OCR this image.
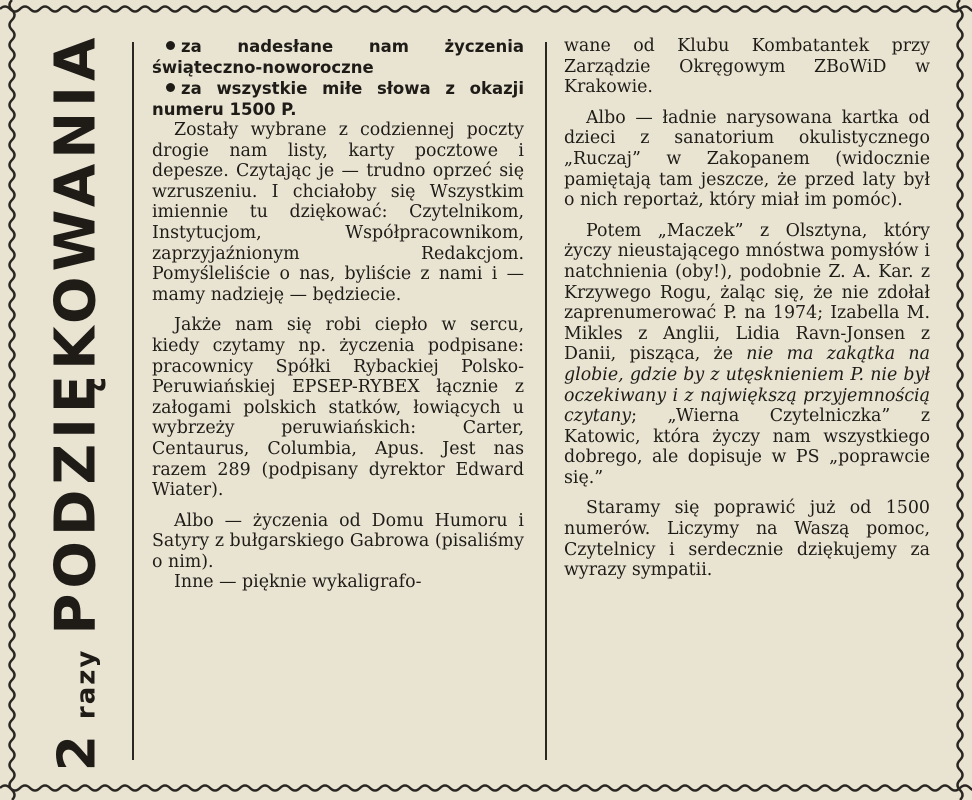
2
razy
PODZIĘKOWANIA	za nadesłane nam życzenia świąteczno-noworoczne

za wszystkie miłe słowa z okazji numeru 1500 P.

Zostały wybrane z codziennej poczty drogie nam listy, karty pocztowe i depesze. Czytając je — trudno oprzeć się wzruszeniu. I chciałoby się Wszystkim imiennie tu dziękować: Czytelnikom, Instytucjom, Współpracownikom, zaprzyjaźnionym Redakcjom. Pomyśleliście o nas, byliście z nami i — mamy nadzieję — będziecie.

Jakże nam się robi ciepło w sercu, kiedy czytamy np. życzenia podpisane: pracownicy Spółki Rybackiej Polsko-Peruwiańskiej EPSEP-RYBEX łącznie z załogami polskich statków, łowiących u wybrzeży peruwiańskich: Carter, Centaurus, Columbia, Apus. Jest nas razem 289 (podpisany dyrektor Edward Wiater).

Albo — życzenia od Domu Humoru i Satyry z bułgarskiego Gabrowa (pisaliśmy o nim).

Inne — pięknie wykaligrafo-

wane od Klubu Kombatantek przy Zarządzie Okręgowym ZBoWiD w Krakowie.

Albo — ładnie narysowana kartka od dzieci z sanatorium okulistycznego „Ruczaj” w Zakopanem (widocznie pamiętają tam jeszcze, że przed laty był o nich reportaż, który miał im pomóc).

Potem „Maczek” z Olsztyna, który życzy nieustającego mnóstwa pomysłów i natchnienia (oby!), podobnie Z. A. Kar. z Krzywego Rogu, żaląc się, że nie zdołał zaprenumerować P. na 1974; Izabella M. Mikles z Anglii, Lidia Ravn-Jonsen z Danii, pisząca, że nie ma zakątka na globie, gdzie by z utęsknieniem P. nie był oczekiwany i z największą przyjemnością czytany; „Wierna Czytelniczka” z Katowic, która życzy nam wszystkiego dobrego, ale dopisuje w PS „poprawcie się.”

Staramy się poprawić już od 1500 numerów. Liczymy na Waszą pomoc, Czytelnicy i serdecznie dziękujemy za wyrazy sympatii.
